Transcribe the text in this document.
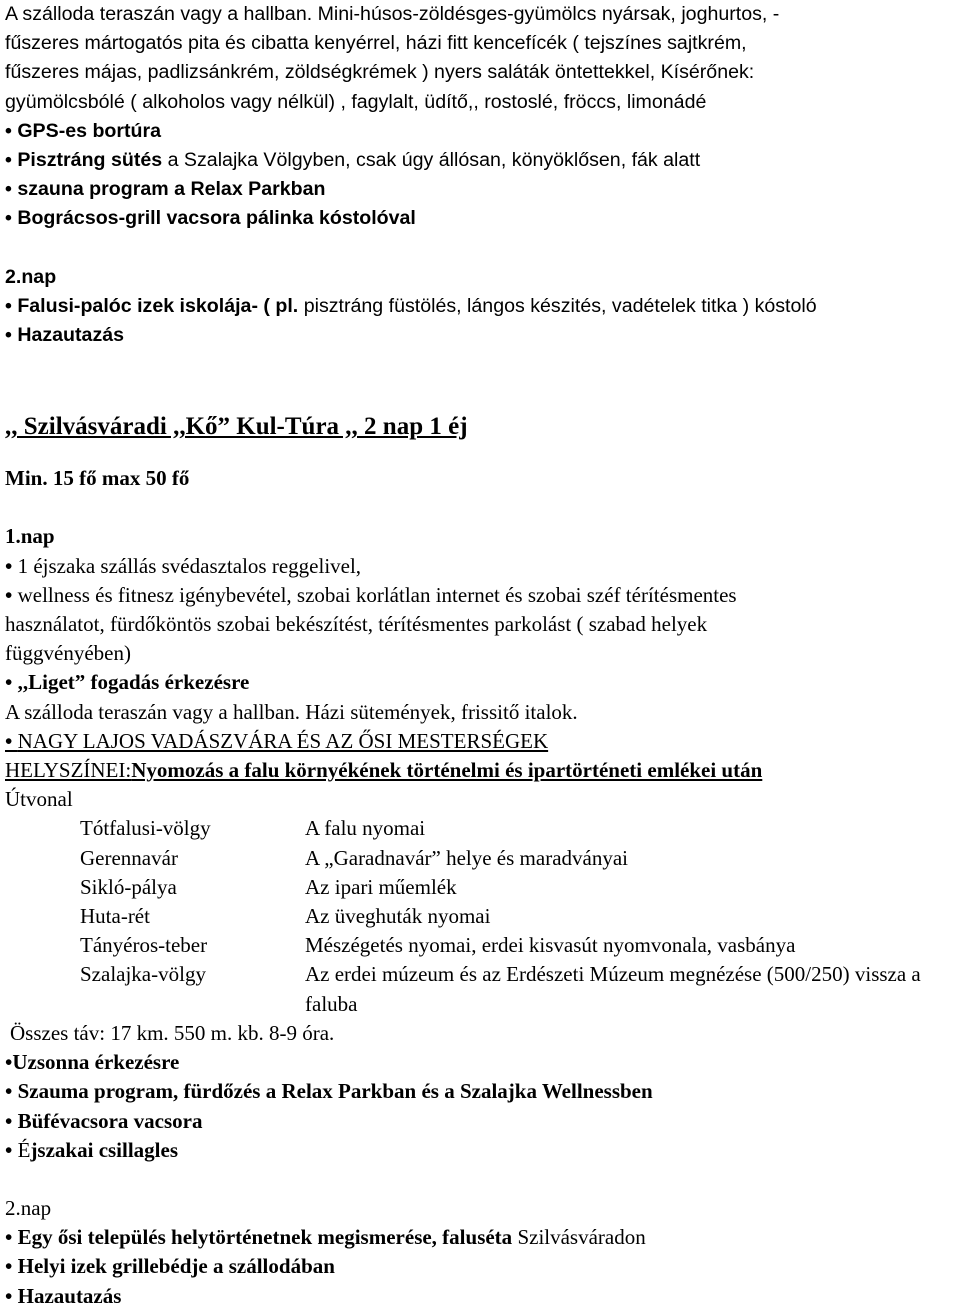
A szálloda teraszán vagy a hallban. Mini-húsos-zöldésges-gyümölcs nyársak, joghurtos, -
fűszeres mártogatós pita és cibatta kenyérrel, házi fitt kencefícék ( tejszínes sajtkrém,
fűszeres májas, padlizsánkrém, zöldségkrémek ) nyers saláták öntettekkel, Kísérőnek:
gyümölcsbólé ( alkoholos vagy nélkül) , fagylalt, üdítő,, rostoslé, fröccs, limonádé
• GPS-es bortúra
• Pisztráng sütés a Szalajka Völgyben, csak úgy állósan, könyöklősen, fák alatt
• szauna program a Relax Parkban
• Bográcsos-grill vacsora pálinka kóstolóval
2.nap
• Falusi-palóc izek iskolája- ( pl. pisztráng füstölés, lángos készités, vadételek titka ) kóstoló
• Hazautazás
,, Szilvásváradi ,,Kő” Kul-Túra ,, 2 nap 1 éj
Min. 15 fő max 50 fő
1.nap
• 1 éjszaka szállás svédasztalos reggelivel,
• wellness és fitnesz igénybevétel, szobai korlátlan internet és szobai széf térítésmentes
használatot, fürdőköntös szobai bekészítést, térítésmentes parkolást ( szabad helyek
függvényében)
• ,,Liget” fogadás érkezésre
A szálloda teraszán vagy a hallban. Házi sütemények, frissitő italok.
• NAGY LAJOS VADÁSZVÁRA ÉS AZ ŐSI MESTERSÉGEK
HELYSZÍNEI:Nyomozás a falu környékének történelmi és ipartörténeti emlékei után
Útvonal
Tótfalusi-völgy	A falu nyomai
Gerennavár	A „Garadnavár” helye és maradványai
Sikló-pálya	Az ipari műemlék
Huta-rét	Az üveghuták nyomai
Tányéros-teber	Mészégetés nyomai, erdei kisvasút nyomvonala, vasbánya
Szalajka-völgy	Az erdei múzeum és az Erdészeti Múzeum megnézése (500/250) vissza a faluba
Összes táv: 17 km. 550 m. kb. 8-9 óra.
• Uzsonna érkezésre
• Szauma program, fürdőzés a Relax Parkban és a Szalajka Wellnessben
• Büfévacsora vacsora
• Éjszakai csillagles
2.nap
• Egy ősi település helytörténetnek megismerése, faluséta Szilvásváradon
• Helyi izek grillebédje a szállodában
• Hazautazás
